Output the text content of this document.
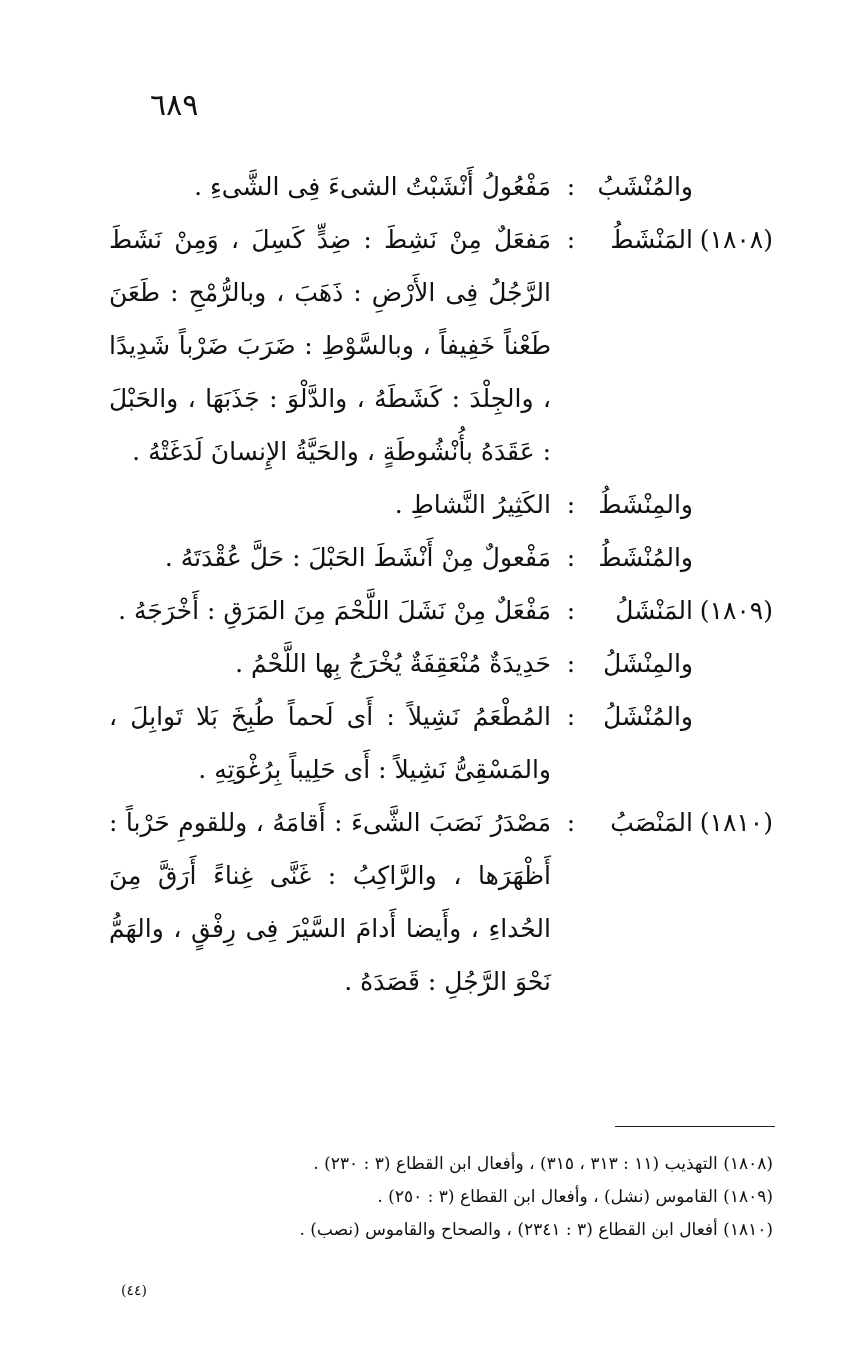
٦٨٩
والمُنْشَبُ
:
مَفْعُولُ أَنْشَبْتُ الشىءَ فِى الشَّىءِ .
(١٨٠٨)
المَنْشَطُ
:
مَفعَلٌ مِنْ نَشِطَ : ضِدٍّ كَسِلَ ، وَمِنْ نَشَطَ الرَّجُلُ فِى الأَرْضِ : ذَهَبَ ، وبالرُّمْحِ : طَعَنَ طَعْناً خَفِيفاً ، وبالسَّوْطِ : ضَرَبَ ضَرْباً شَدِيدًا ، والجِلْدَ : كَشَطَهُ ، والدَّلْوَ : جَذَبَهَا ، والحَبْلَ : عَقَدَهُ بأُنْشُوطَةٍ ، والحَيَّةُ الإِنسانَ لَدَغَتْهُ .
والمِنْشَطُ
:
الكَثِيرُ النَّشاطِ .
والمُنْشَطُ
:
مَفْعولٌ مِنْ أَنْشَطَ الحَبْلَ : حَلَّ عُقْدَتَهُ .
(١٨٠٩)
المَنْشَلُ
:
مَفْعَلٌ مِنْ نَشَلَ اللَّحْمَ مِنَ المَرَقِ : أَخْرَجَهُ .
والمِنْشَلُ
:
حَدِيدَةٌ مُنْعَقِفَةٌ يُخْرَجُ بِها اللَّحْمُ .
والمُنْشَلُ
:
المُطْعَمُ نَشِيلاً : أَى لَحماً طُبِخَ بَلا تَوابِلَ ، والمَسْقِىُّ نَشِيلاً : أَى حَلِيباً بِرُغْوَتِهِ .
(١٨١٠)
المَنْصَبُ
:
مَصْدَرُ نَصَبَ الشَّىءَ : أَقامَهُ ، وللقومِ حَرْباً : أَظْهَرَها ، والرَّاكِبُ : غَنَّى غِناءً أَرَقَّ مِنَ الحُداءِ ، وأَيضا أَدامَ السَّيْرَ فِى رِفْقٍ ، والهَمُّ نَحْوَ الرَّجُلِ : قَصَدَهُ .
(١٨٠٨) التهذيب (١١ : ٣١٣ ، ٣١٥) ، وأفعال ابن القطاع (٣ : ٢٣٠) .
(١٨٠٩) القاموس (نشل) ، وأفعال ابن القطاع (٣ : ٢٥٠) .
(١٨١٠) أفعال ابن القطاع (٣ : ٢٣٤١) ، والصحاح والقاموس (نصب) .
(٤٤)
